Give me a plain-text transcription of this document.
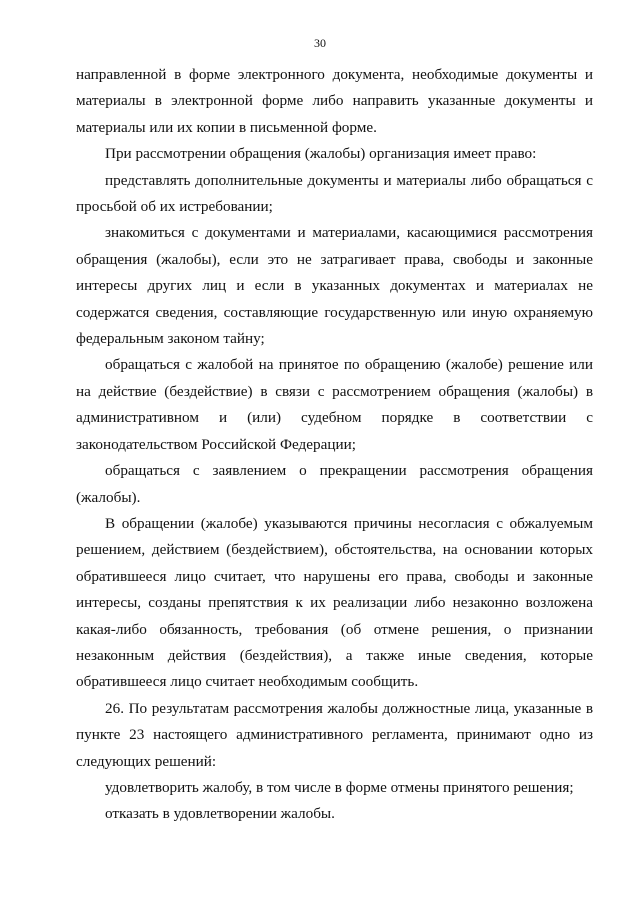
30

направленной в форме электронного документа, необходимые документы и материалы в электронной форме либо направить указанные документы и материалы или их копии в письменной форме.

При рассмотрении обращения (жалобы) организация имеет право:

представлять дополнительные документы и материалы либо обращаться с просьбой об их истребовании;

знакомиться с документами и материалами, касающимися рассмотрения обращения (жалобы), если это не затрагивает права, свободы и законные интересы других лиц и если в указанных документах и материалах не содержатся сведения, составляющие государственную или иную охраняемую федеральным законом тайну;

обращаться с жалобой на принятое по обращению (жалобе) решение или на действие (бездействие) в связи с рассмотрением обращения (жалобы) в административном и (или) судебном порядке в соответствии с законодательством Российской Федерации;

обращаться с заявлением о прекращении рассмотрения обращения (жалобы).

В обращении (жалобе) указываются причины несогласия с обжалуемым решением, действием (бездействием), обстоятельства, на основании которых обратившееся лицо считает, что нарушены его права, свободы и законные интересы, созданы препятствия к их реализации либо незаконно возложена какая-либо обязанность, требования (об отмене решения, о признании незаконным действия (бездействия), а также иные сведения, которые обратившееся лицо считает необходимым сообщить.

26. По результатам рассмотрения жалобы должностные лица, указанные в пункте 23 настоящего административного регламента, принимают одно из следующих решений:

удовлетворить жалобу, в том числе в форме отмены принятого решения;

отказать в удовлетворении жалобы.
